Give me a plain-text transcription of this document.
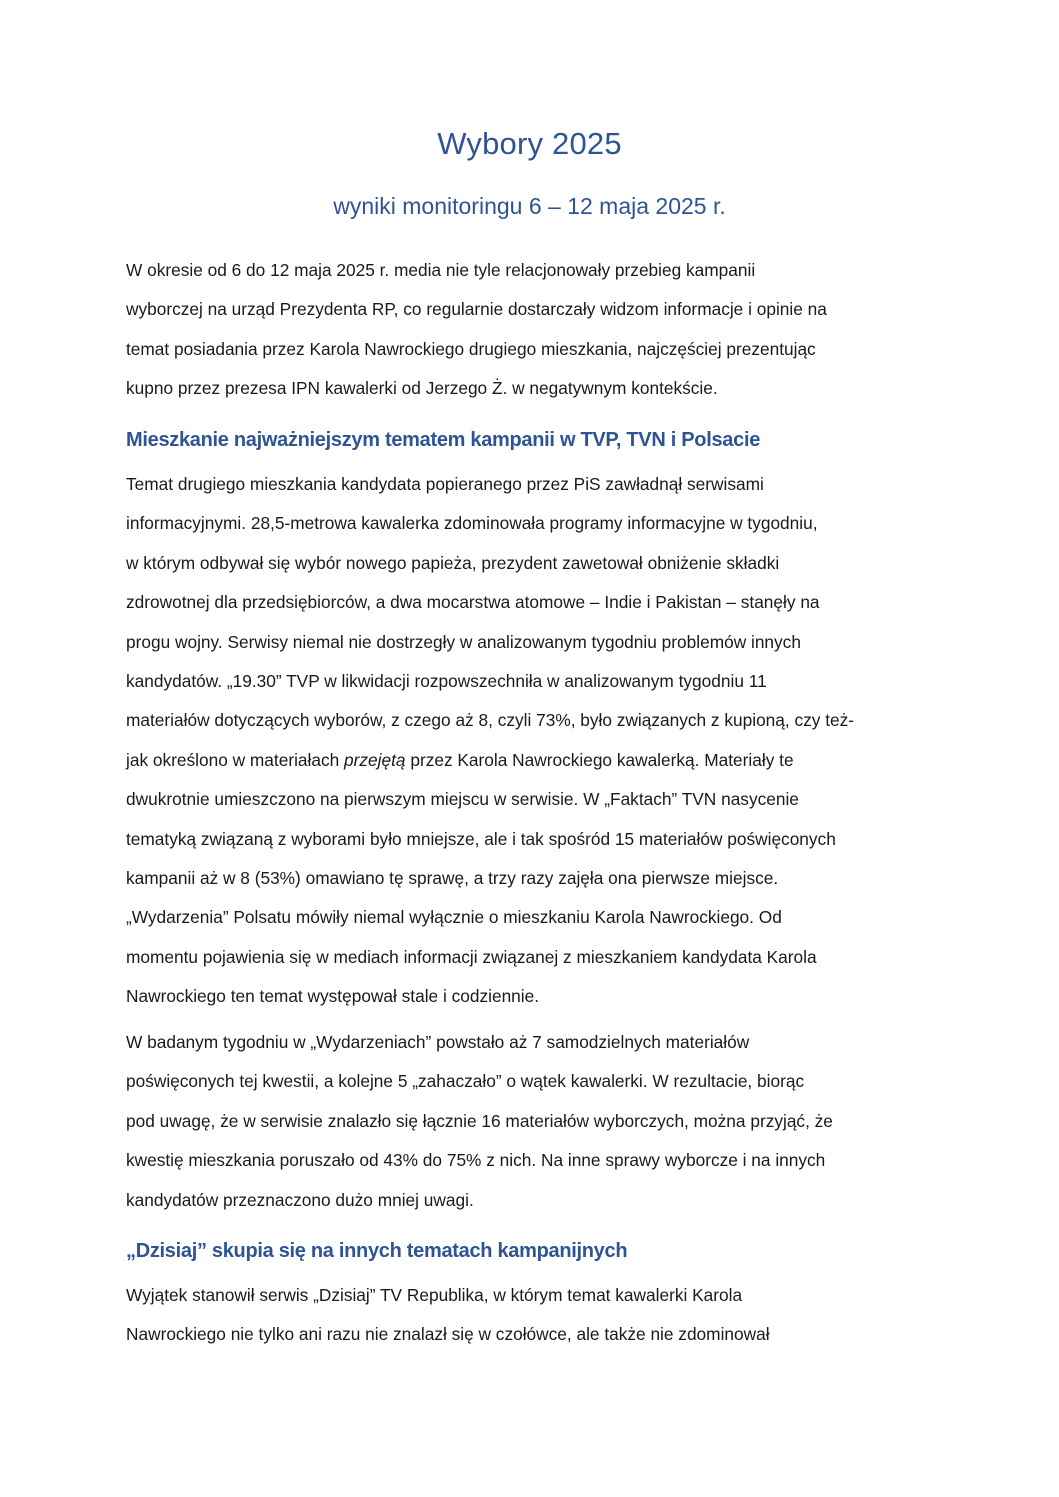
Wybory 2025
wyniki monitoringu 6 – 12 maja 2025 r.
W okresie od 6 do 12 maja 2025 r. media nie tyle relacjonowały przebieg kampanii
wyborczej na urząd Prezydenta RP, co regularnie dostarczały widzom informacje i opinie na
temat posiadania przez Karola Nawrockiego drugiego mieszkania, najczęściej prezentując
kupno przez prezesa IPN kawalerki od Jerzego Ż. w negatywnym kontekście.
Mieszkanie najważniejszym tematem kampanii w TVP, TVN i Polsacie
Temat drugiego mieszkania kandydata popieranego przez PiS zawładnął serwisami
informacyjnymi. 28,5-metrowa kawalerka zdominowała programy informacyjne w tygodniu,
w którym odbywał się wybór nowego papieża, prezydent zawetował obniżenie składki
zdrowotnej dla przedsiębiorców, a dwa mocarstwa atomowe – Indie i Pakistan – stanęły na
progu wojny. Serwisy niemal nie dostrzegły w analizowanym tygodniu problemów innych
kandydatów. „19.30” TVP w likwidacji rozpowszechniła w analizowanym tygodniu 11
materiałów dotyczących wyborów, z czego aż 8, czyli 73%, było związanych z kupioną, czy też-
jak określono w materiałach przejętą przez Karola Nawrockiego kawalerką. Materiały te
dwukrotnie umieszczono na pierwszym miejscu w serwisie. W „Faktach” TVN nasycenie
tematyką związaną z wyborami było mniejsze, ale i tak spośród 15 materiałów poświęconych
kampanii aż w 8 (53%) omawiano tę sprawę, a trzy razy zajęła ona pierwsze miejsce.
„Wydarzenia” Polsatu mówiły niemal wyłącznie o mieszkaniu Karola Nawrockiego. Od
momentu pojawienia się w mediach informacji związanej z mieszkaniem kandydata Karola
Nawrockiego ten temat występował stale i codziennie.
W badanym tygodniu w „Wydarzeniach” powstało aż 7 samodzielnych materiałów
poświęconych tej kwestii, a kolejne 5 „zahaczało” o wątek kawalerki. W rezultacie, biorąc
pod uwagę, że w serwisie znalazło się łącznie 16 materiałów wyborczych, można przyjąć, że
kwestię mieszkania poruszało od 43% do 75% z nich. Na inne sprawy wyborcze i na innych
kandydatów przeznaczono dużo mniej uwagi.
„Dzisiaj” skupia się na innych tematach kampanijnych
Wyjątek stanowił serwis „Dzisiaj” TV Republika, w którym temat kawalerki Karola
Nawrockiego nie tylko ani razu nie znalazł się w czołówce, ale także nie zdominował
